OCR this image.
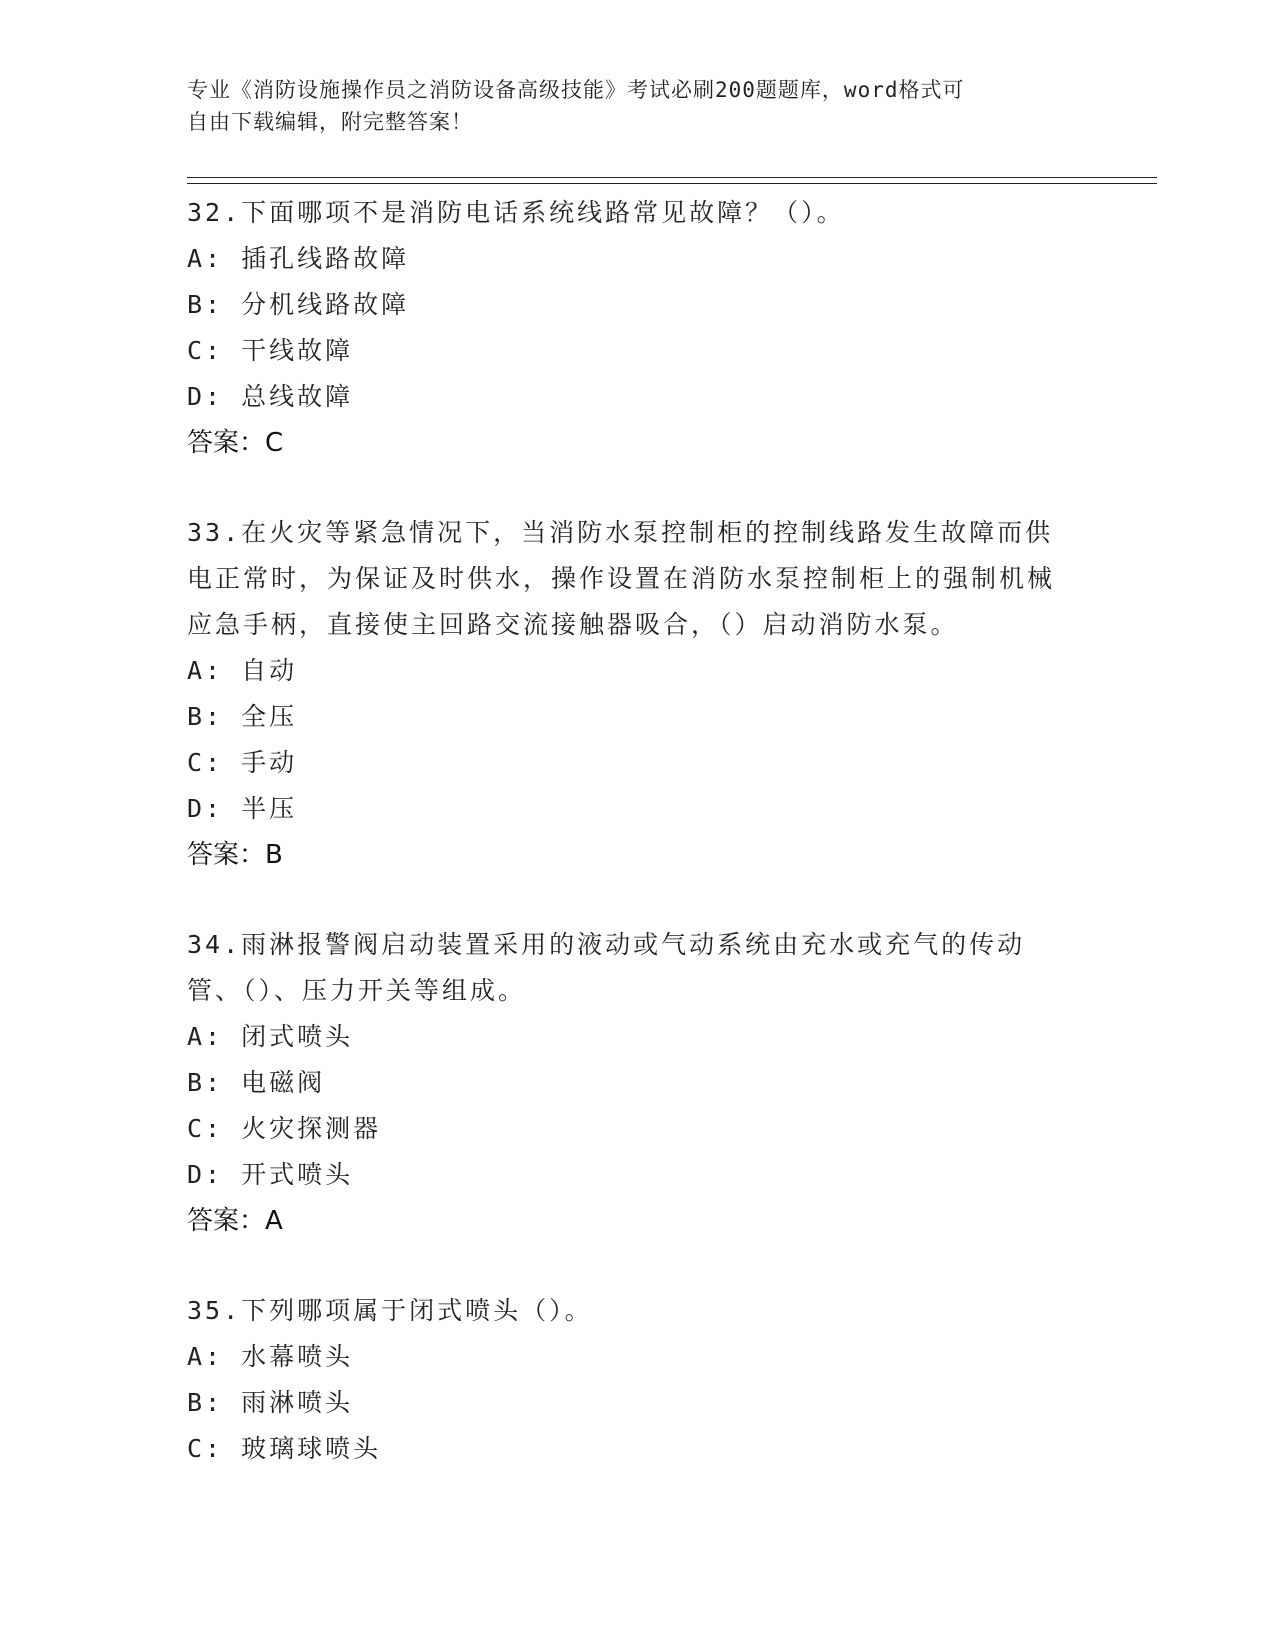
专业《消防设施操作员之消防设备高级技能》考试必刷200题题库，word格式可
自由下载编辑，附完整答案！

32.下面哪项不是消防电话系统线路常见故障？（）。

A: 插孔线路故障
B: 分机线路故障
C: 干线故障
D: 总线故障
答案：C

33.在火灾等紧急情况下，当消防水泵控制柜的控制线路发生故障而供电正常时，为保证及时供水，操作设置在消防水泵控制柜上的强制机械应急手柄，直接使主回路交流接触器吸合，（）启动消防水泵。

A: 自动
B: 全压
C: 手动
D: 半压
答案：B

34.雨淋报警阀启动装置采用的液动或气动系统由充水或充气的传动管、（）、压力开关等组成。

A: 闭式喷头
B: 电磁阀
C: 火灾探测器
D: 开式喷头
答案：A

35.下列哪项属于闭式喷头（）。

A: 水幕喷头
B: 雨淋喷头
C: 玻璃球喷头
